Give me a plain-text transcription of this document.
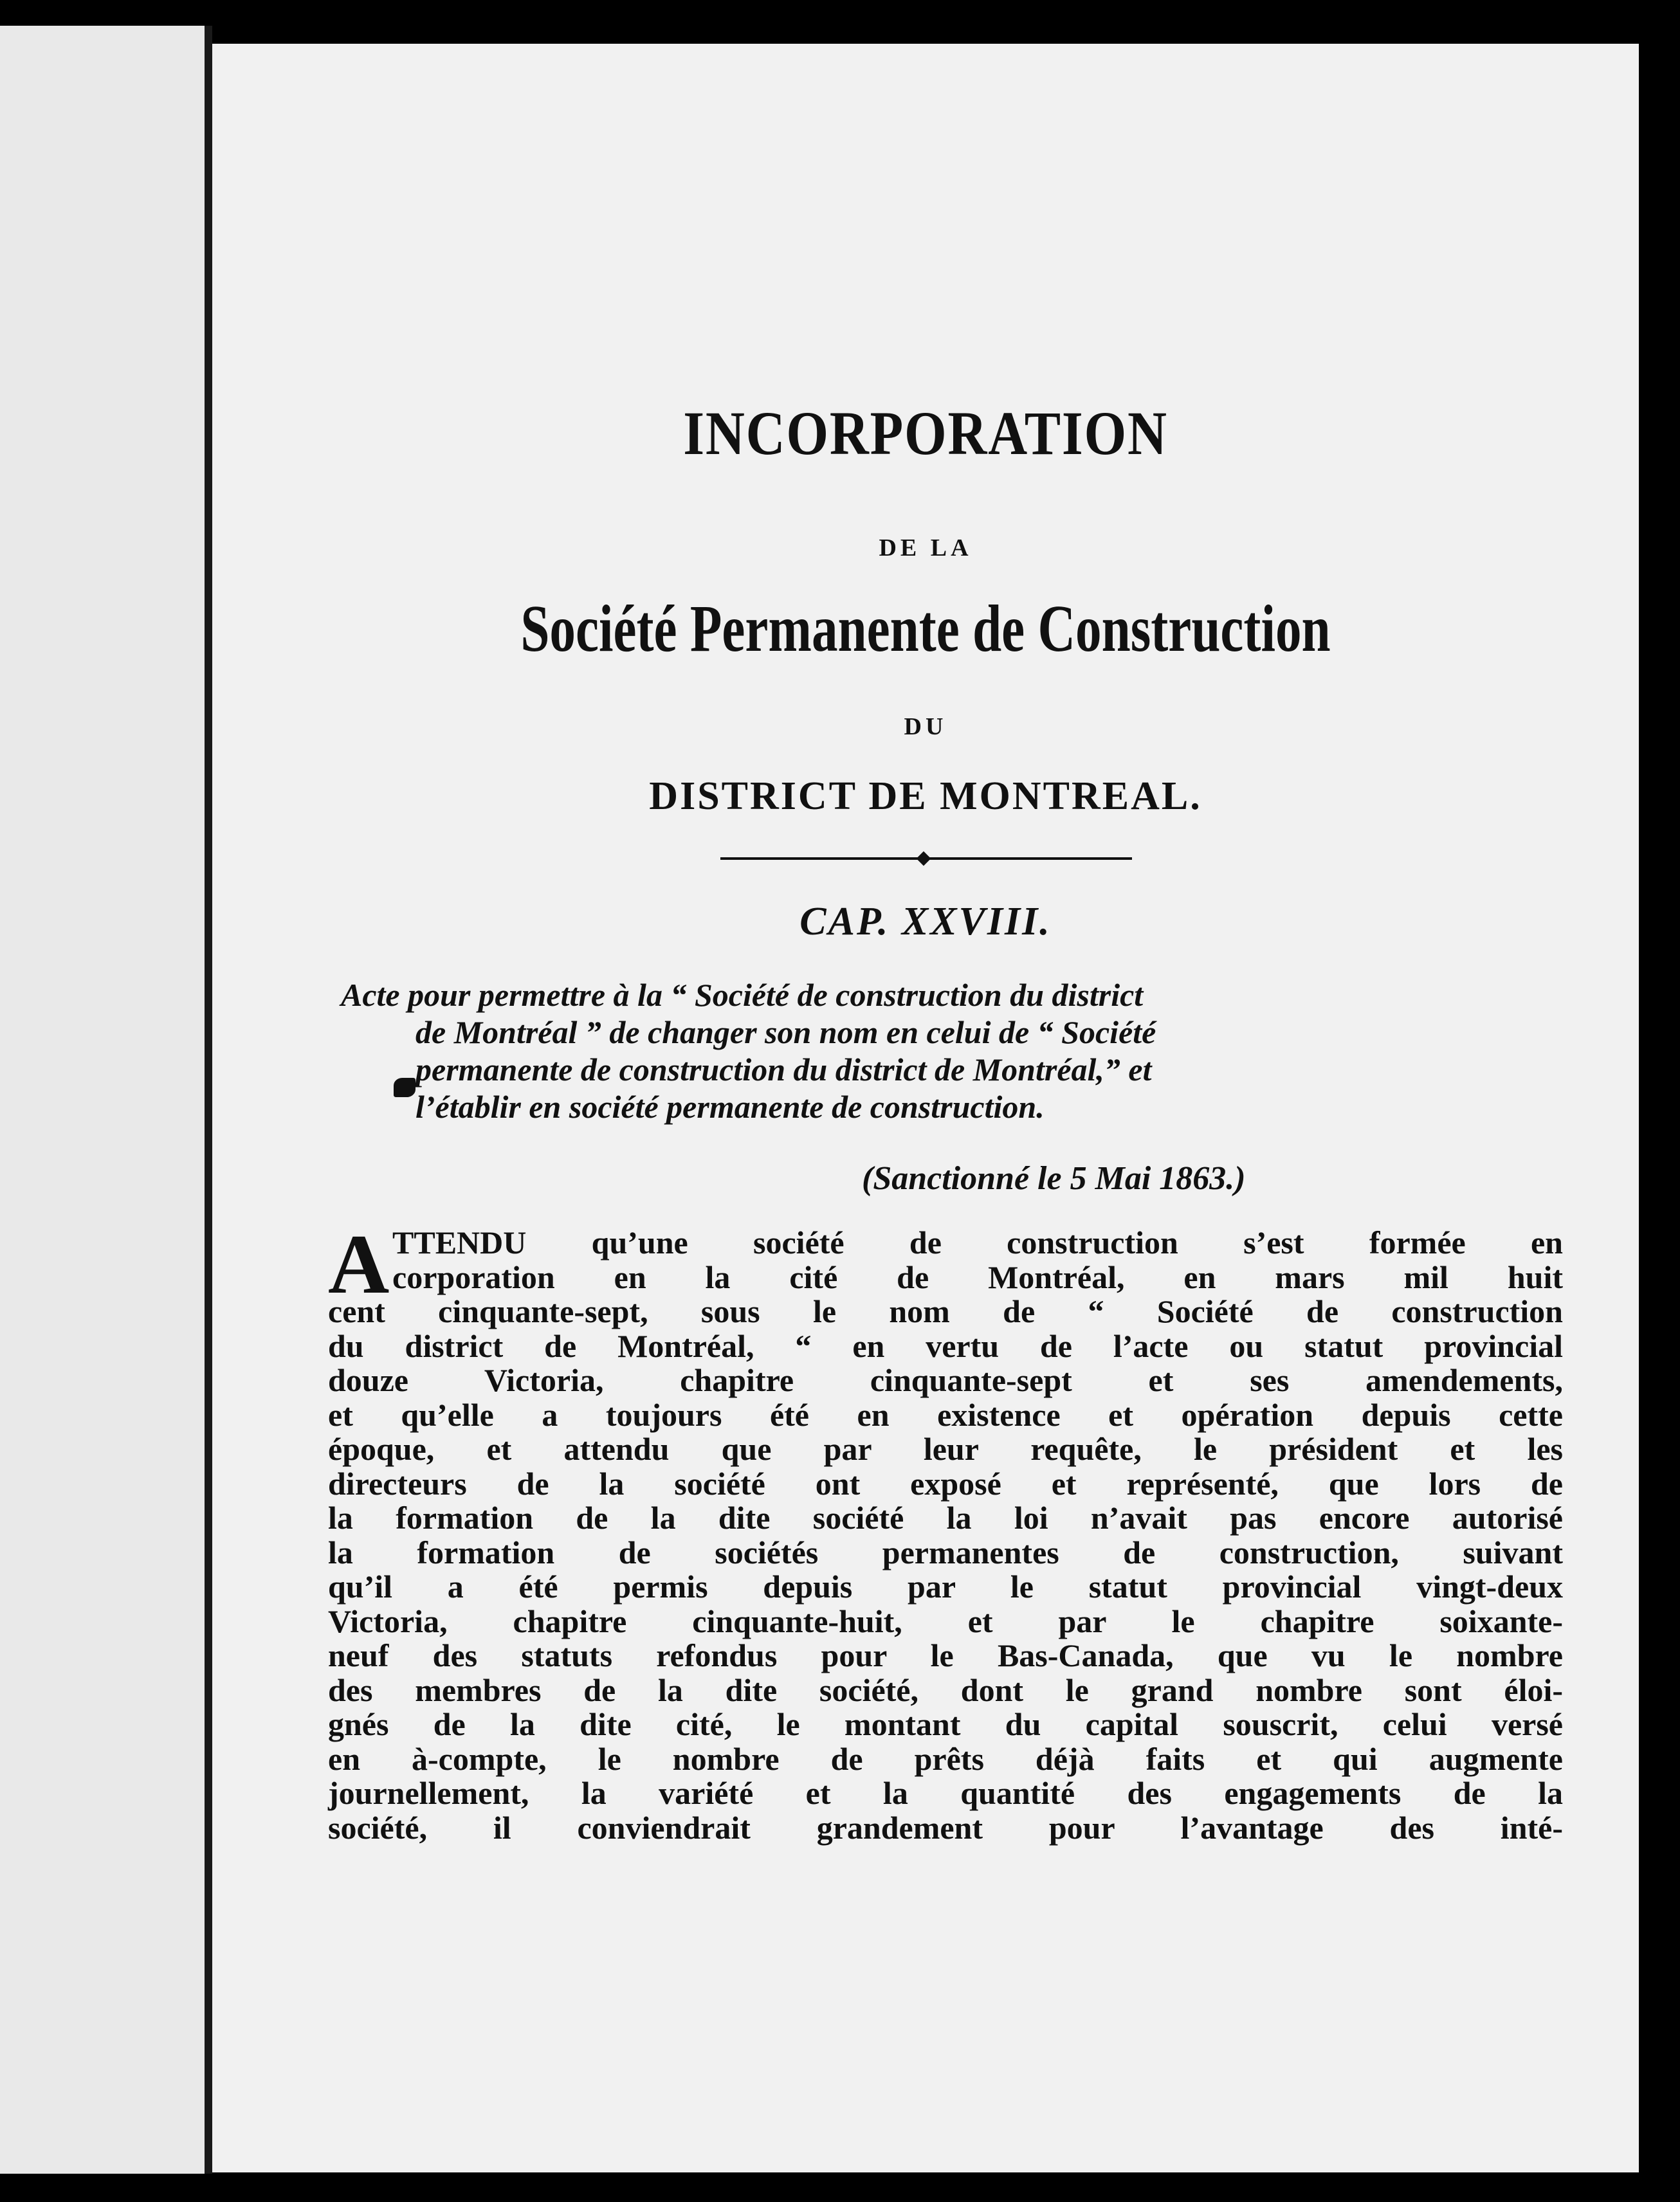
INCORPORATION
DE LA
Société Permanente de Construction
DU
DISTRICT DE MONTREAL.
CAP. XXVIII.
Acte pour permettre à la “ Société de construction du district
de Montréal ” de changer son nom en celui de “ Société
permanente de construction du district de Montréal,” et
l’établir en société permanente de construction.
(Sanctionné le 5 Mai 1863.)
A TTENDU qu’une société de construction s’est formée en
corporation en la cité de Montréal, en mars mil huit
cent cinquante-sept, sous le nom de “ Société de construction
du district de Montréal, “ en vertu de l’acte ou statut provincial
douze Victoria, chapitre cinquante-sept et ses amendements,
et qu’elle a toujours été en existence et opération depuis cette
époque, et attendu que par leur requête, le président et les
directeurs de la société ont exposé et représenté, que lors de
la formation de la dite société la loi n’avait pas encore autorisé
la formation de sociétés permanentes de construction, suivant
qu’il a été permis depuis par le statut provincial vingt-deux
Victoria, chapitre cinquante-huit, et par le chapitre soixante-
neuf des statuts refondus pour le Bas-Canada, que vu le nombre
des membres de la dite société, dont le grand nombre sont éloi-
gnés de la dite cité, le montant du capital souscrit, celui versé
en à-compte, le nombre de prêts déjà faits et qui augmente
journellement, la variété et la quantité des engagements de la
société, il conviendrait grandement pour l’avantage des inté-
